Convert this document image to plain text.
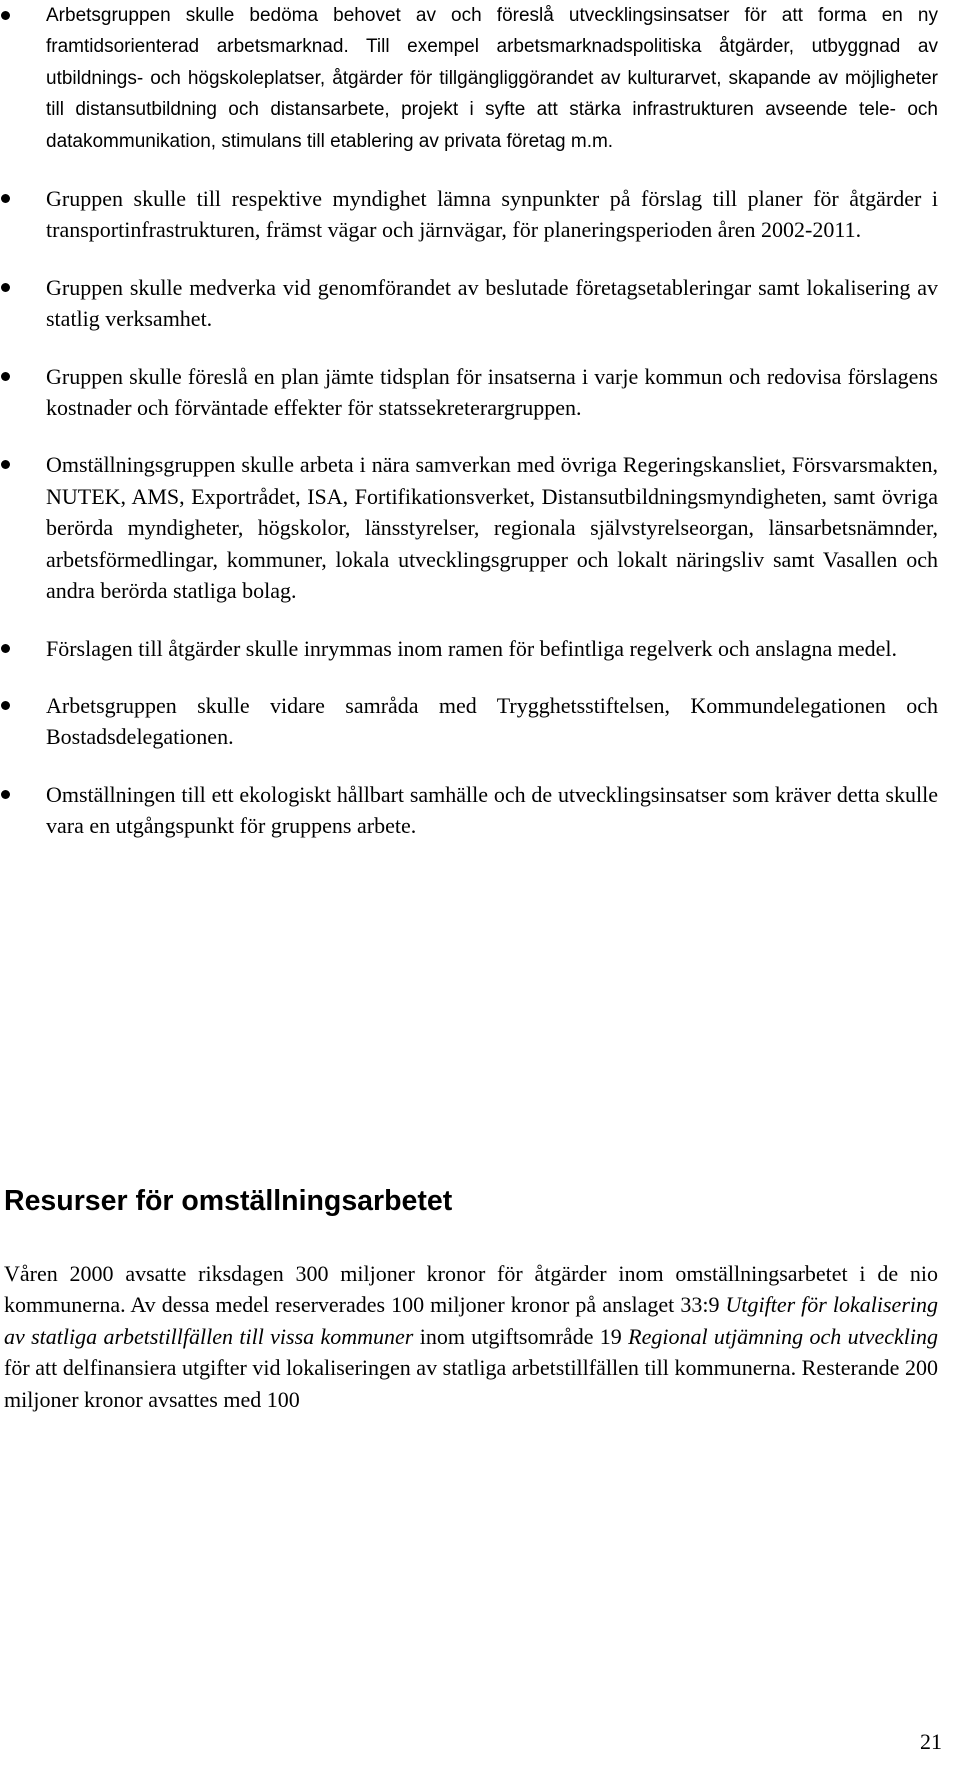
Arbetsgruppen skulle bedöma behovet av och föreslå utvecklingsinsatser för att forma en ny framtidsorienterad arbetsmarknad. Till exempel arbetsmarknadspolitiska åtgärder, utbyggnad av utbildnings- och högskoleplatser, åtgärder för tillgängliggörandet av kulturarvet, skapande av möjligheter till distansutbildning och distansarbete, projekt i syfte att stärka infrastrukturen avseende tele- och datakommunikation, stimulans till etablering av privata företag m.m.

Gruppen skulle till respektive myndighet lämna synpunkter på förslag till planer för åtgärder i transportinfrastrukturen, främst vägar och järnvägar, för planeringsperioden åren 2002‑2011.

Gruppen skulle medverka vid genomförandet av beslutade företagsetableringar samt lokalisering av statlig verksamhet.

Gruppen skulle föreslå en plan jämte tidsplan för insatserna i varje kommun och redovisa förslagens kostnader och förväntade effekter för statssekreterargruppen.

Omställningsgruppen skulle arbeta i nära samverkan med övriga Regeringskansliet, Försvarsmakten, NUTEK, AMS, Exportrådet, ISA, Fortifikationsverket, Distansutbildningsmyndigheten, samt övriga berörda myndigheter, högskolor, länsstyrelser, regionala självstyrelseorgan, länsarbetsnämnder, arbetsförmedlingar, kommuner, lokala utvecklingsgrupper och lokalt näringsliv samt Vasallen och andra berörda statliga bolag.

Förslagen till åtgärder skulle inrymmas inom ramen för befintliga regelverk och anslagna medel.

Arbetsgruppen skulle vidare samråda med Trygghetsstiftelsen, Kommundelegationen och Bostadsdelegationen.

Omställningen till ett ekologiskt hållbart samhälle och de utvecklingsinsatser som kräver detta skulle vara en utgångspunkt för gruppens arbete.

Resurser för omställningsarbetet

Våren 2000 avsatte riksdagen 300 miljoner kronor för åtgärder inom omställningsarbetet i de nio kommunerna. Av dessa medel reserverades 100 miljoner kronor på anslaget 33:9 Utgifter för lokalisering av statliga arbetstillfällen till vissa kommuner inom utgiftsområde 19 Regional utjämning och utveckling för att delfinansiera utgifter vid lokaliseringen av statliga arbetstillfällen till kommunerna. Resterande 200 miljoner kronor avsattes med 100

21
